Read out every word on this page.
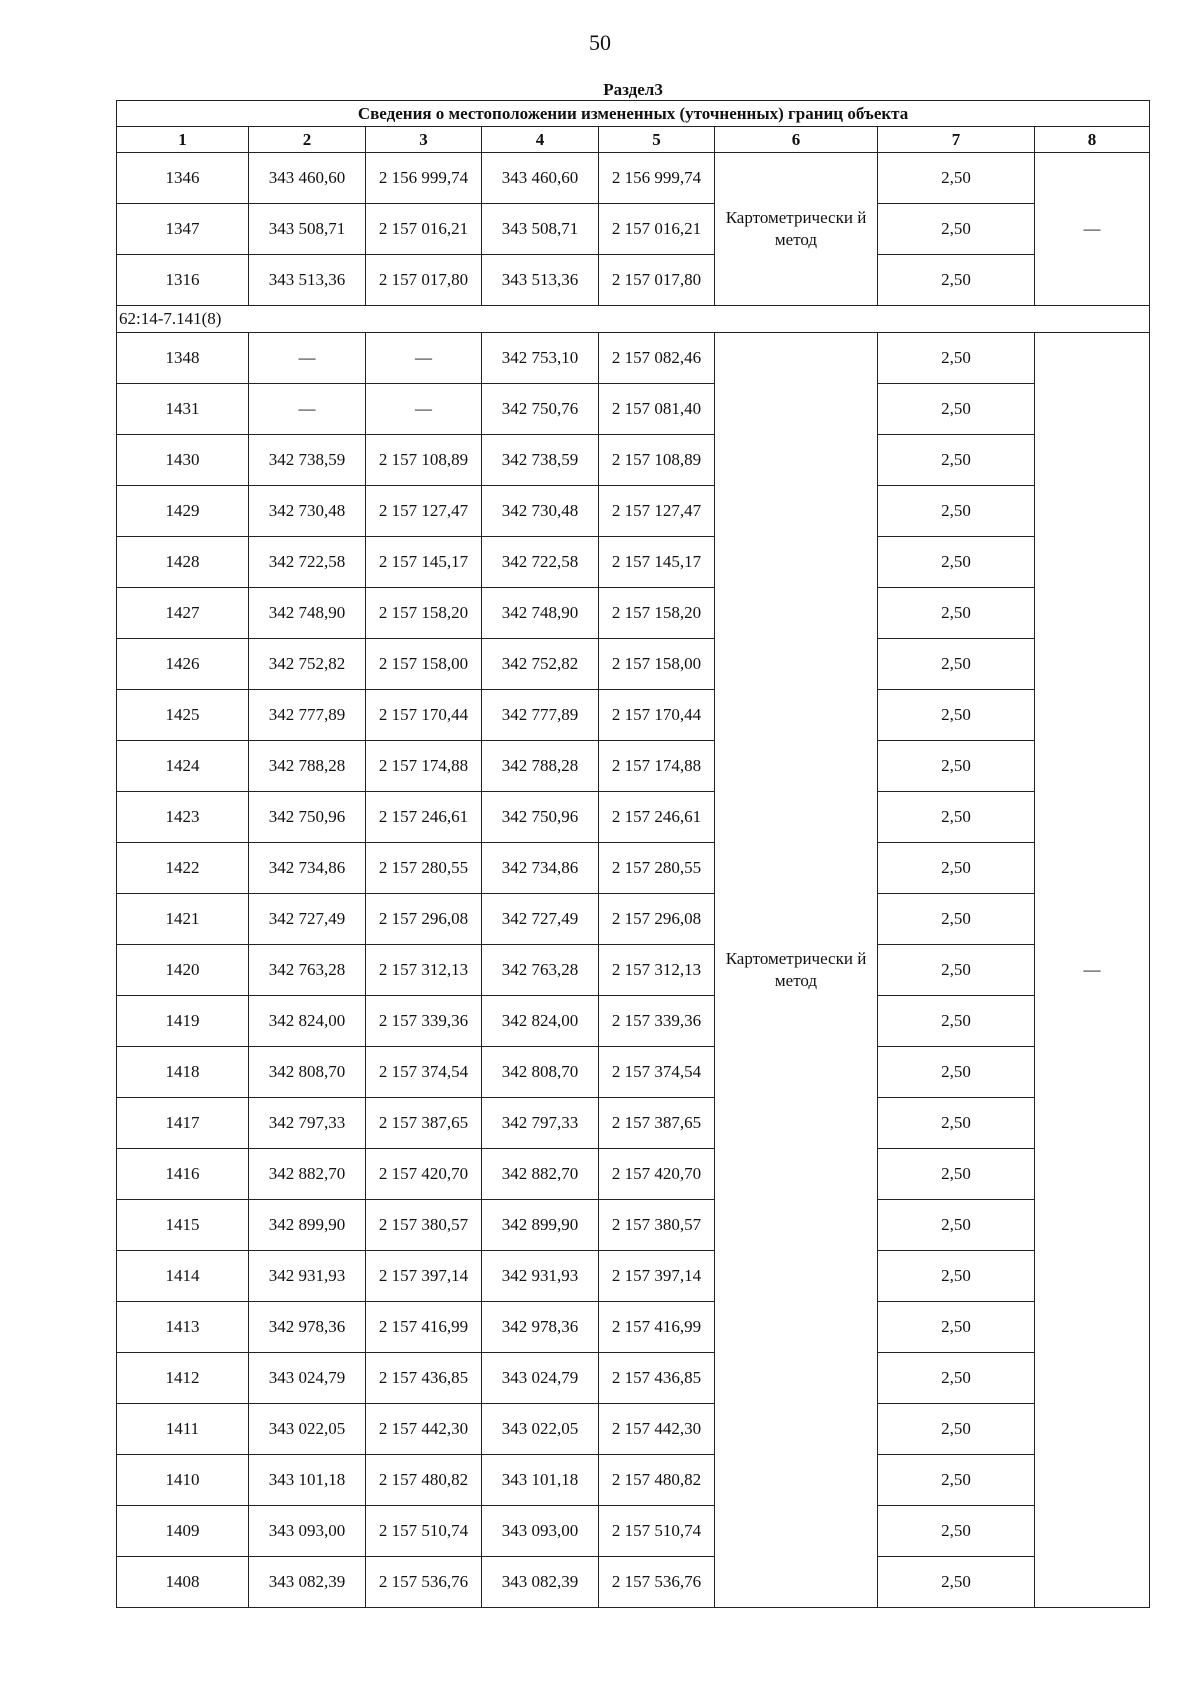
50
Раздел3							

Сведения о местоположении измененных (уточненных) границ объекта							
1	2	3	4	5	6	7	8
1346	343 460,60	2 156 999,74	343 460,60	2 156 999,74	Картометрически й метод	2,50	—
1347	343 508,71	2 157 016,21	343 508,71	2 157 016,21		2,50	
1316	343 513,36	2 157 017,80	343 513,36	2 157 017,80		2,50	
62:14-7.141(8)							
1348	—	—	342 753,10	2 157 082,46	Картометрически й метод	2,50	—
1431	—	—	342 750,76	2 157 081,40		2,50	
1430	342 738,59	2 157 108,89	342 738,59	2 157 108,89		2,50	
1429	342 730,48	2 157 127,47	342 730,48	2 157 127,47		2,50	
1428	342 722,58	2 157 145,17	342 722,58	2 157 145,17		2,50	
1427	342 748,90	2 157 158,20	342 748,90	2 157 158,20		2,50	
1426	342 752,82	2 157 158,00	342 752,82	2 157 158,00		2,50	
1425	342 777,89	2 157 170,44	342 777,89	2 157 170,44		2,50	
1424	342 788,28	2 157 174,88	342 788,28	2 157 174,88		2,50	
1423	342 750,96	2 157 246,61	342 750,96	2 157 246,61		2,50	
1422	342 734,86	2 157 280,55	342 734,86	2 157 280,55		2,50	
1421	342 727,49	2 157 296,08	342 727,49	2 157 296,08		2,50	
1420	342 763,28	2 157 312,13	342 763,28	2 157 312,13		2,50	
1419	342 824,00	2 157 339,36	342 824,00	2 157 339,36		2,50	
1418	342 808,70	2 157 374,54	342 808,70	2 157 374,54		2,50	
1417	342 797,33	2 157 387,65	342 797,33	2 157 387,65		2,50	
1416	342 882,70	2 157 420,70	342 882,70	2 157 420,70		2,50	
1415	342 899,90	2 157 380,57	342 899,90	2 157 380,57		2,50	
1414	342 931,93	2 157 397,14	342 931,93	2 157 397,14		2,50	
1413	342 978,36	2 157 416,99	342 978,36	2 157 416,99		2,50	
1412	343 024,79	2 157 436,85	343 024,79	2 157 436,85		2,50	
1411	343 022,05	2 157 442,30	343 022,05	2 157 442,30		2,50	
1410	343 101,18	2 157 480,82	343 101,18	2 157 480,82		2,50	
1409	343 093,00	2 157 510,74	343 093,00	2 157 510,74		2,50	
1408	343 082,39	2 157 536,76	343 082,39	2 157 536,76		2,50	
